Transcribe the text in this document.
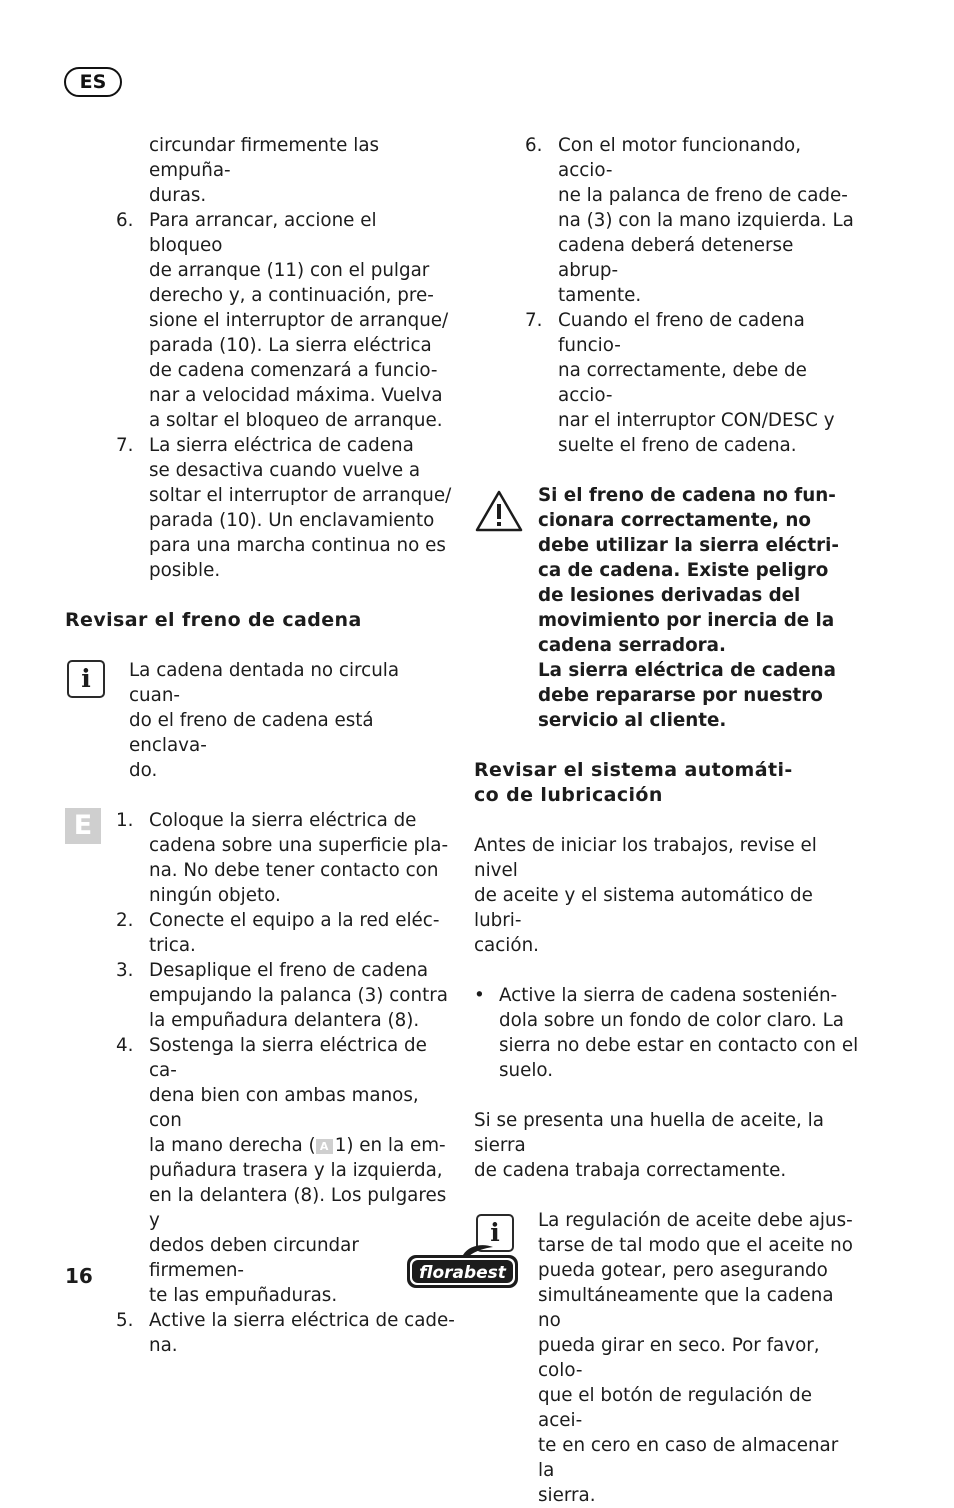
ES
circundar firmemente las empuña-
duras.
6. Para arrancar, accione el bloqueo
de arranque (11) con el pulgar
derecho y, a continuación, pre-
sione el interruptor de arranque/
parada (10). La sierra eléctrica
de cadena comenzará a funcio-
nar a velocidad máxima. Vuelva
a soltar el bloqueo de arranque.
7. La sierra eléctrica de cadena
se desactiva cuando vuelve a
soltar el interruptor de arranque/
parada (10). Un enclavamiento
para una marcha continua no es
posible.
Revisar el freno de cadena
i	La cadena dentada no circula cuan-
do el freno de cadena está enclava-
do.
E	1. Coloque la sierra eléctrica de
cadena sobre una superficie pla-
na. No debe tener contacto con
ningún objeto.
2. Conecte el equipo a la red eléc-
trica.
3. Desaplique el freno de cadena
empujando la palanca (3) contra
la empuñadura delantera (8).
4. Sostenga la sierra eléctrica de ca-
dena bien con ambas manos, con
la mano derecha ( A 1) en la em-
puñadura trasera y la izquierda,
en la delantera (8). Los pulgares y
dedos deben circundar firmemen-
te las empuñaduras.
5. Active la sierra eléctrica de cade-
na.
6. Con el motor funcionando, accio-
ne la palanca de freno de cade-
na (3) con la mano izquierda. La
cadena deberá detenerse abrup-
tamente.
7. Cuando el freno de cadena funcio-
na correctamente, debe de accio-
nar el interruptor CON/DESC y
suelte el freno de cadena.
Si el freno de cadena no fun-
cionara correctamente, no
debe utilizar la sierra eléctri-
ca de cadena. Existe peligro
de lesiones derivadas del
movimiento por inercia de la
cadena serradora.
La sierra eléctrica de cadena
debe repararse por nuestro
servicio al cliente.
Revisar el sistema automáti-
co de lubricación
Antes de iniciar los trabajos, revise el nivel
de aceite y el sistema automático de lubri-
cación.
• Active la sierra de cadena sostenién-
dola sobre un fondo de color claro. La
sierra no debe estar en contacto con el
suelo.
Si se presenta una huella de aceite, la sierra
de cadena trabaja correctamente.
i	La regulación de aceite debe ajus-
tarse de tal modo que el aceite no
pueda gotear, pero asegurando
simultáneamente que la cadena no
pueda girar en seco. Por favor, colo-
que el botón de regulación de acei-
te en cero en caso de almacenar la
sierra.
16	florabest
